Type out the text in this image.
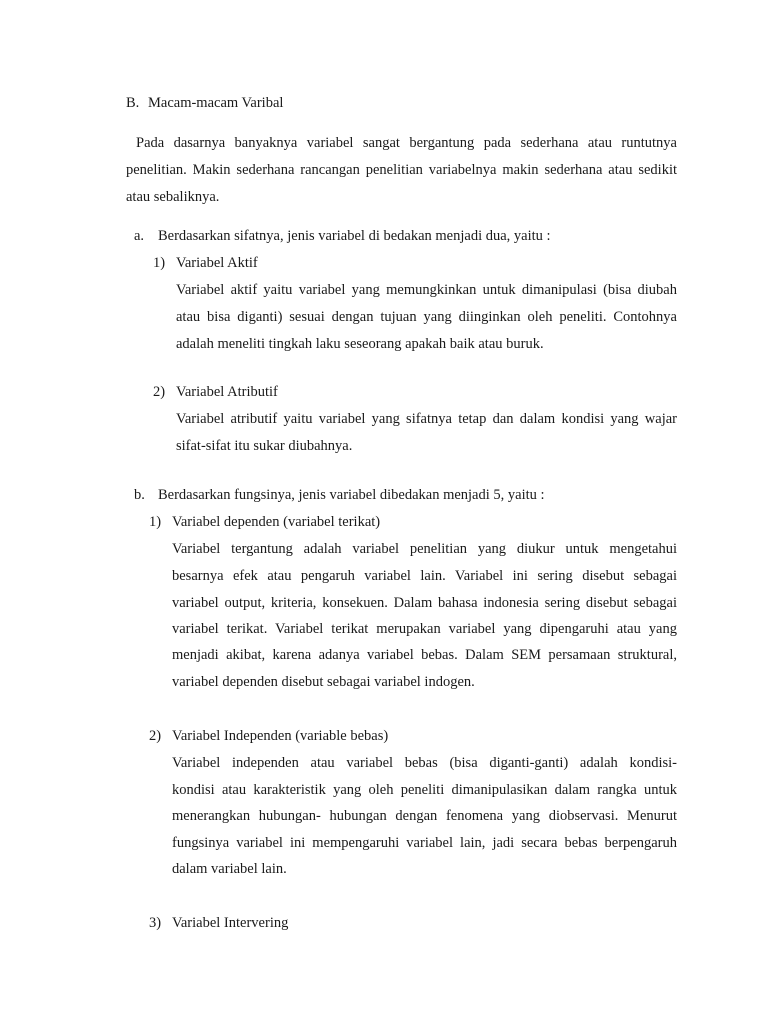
B. Macam-macam Varibal
Pada dasarnya banyaknya variabel sangat bergantung pada sederhana atau runtutnya
penelitian. Makin sederhana rancangan penelitian variabelnya makin sederhana atau sedikit
atau sebaliknya.
a. Berdasarkan sifatnya, jenis variabel di bedakan menjadi dua, yaitu :
1) Variabel Aktif
Variabel aktif yaitu variabel yang memungkinkan untuk dimanipulasi (bisa diubah
atau bisa diganti) sesuai dengan tujuan yang diinginkan oleh peneliti. Contohnya
adalah meneliti tingkah laku seseorang apakah baik atau buruk.
2) Variabel Atributif
Variabel atributif yaitu variabel yang sifatnya tetap dan dalam kondisi yang wajar
sifat-sifat itu sukar diubahnya.
b. Berdasarkan fungsinya, jenis variabel dibedakan menjadi 5, yaitu :
1) Variabel dependen (variabel terikat)
Variabel tergantung adalah variabel penelitian yang diukur untuk mengetahui
besarnya efek atau pengaruh variabel lain. Variabel ini sering disebut sebagai
variabel output, kriteria, konsekuen. Dalam bahasa indonesia sering disebut sebagai
variabel terikat. Variabel terikat merupakan variabel yang dipengaruhi atau yang
menjadi akibat, karena adanya variabel bebas. Dalam SEM persamaan struktural,
variabel dependen disebut sebagai variabel indogen.
2) Variabel Independen (variable bebas)
Variabel independen atau variabel bebas (bisa diganti-ganti) adalah kondisi-
kondisi atau karakteristik yang oleh peneliti dimanipulasikan dalam rangka untuk
menerangkan hubungan- hubungan dengan fenomena yang diobservasi. Menurut
fungsinya variabel ini mempengaruhi variabel lain, jadi secara bebas berpengaruh
dalam variabel lain.
3) Variabel Intervering
